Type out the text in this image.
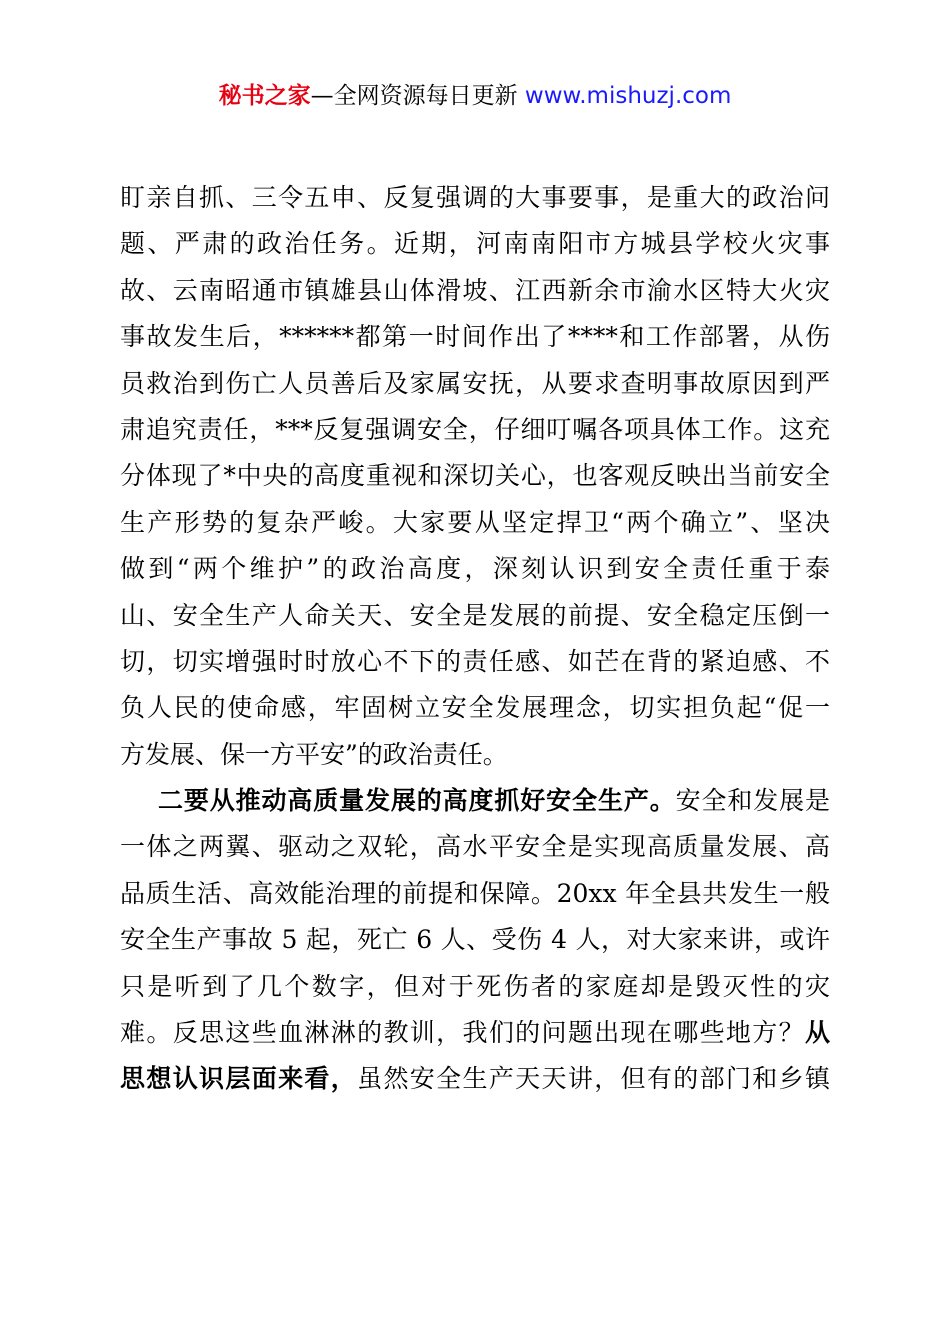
秘书之家—全网资源每日更新 www.mishuzj.com
盯亲自抓、三令五申、反复强调的大事要事，是重大的政治问
题、严肃的政治任务。近期，河南南阳市方城县学校火灾事
故、云南昭通市镇雄县山体滑坡、江西新余市渝水区特大火灾
事故发生后，******都第一时间作出了****和工作部署，从伤
员救治到伤亡人员善后及家属安抚，从要求查明事故原因到严
肃追究责任，***反复强调安全，仔细叮嘱各项具体工作。这充
分体现了*中央的高度重视和深切关心，也客观反映出当前安全
生产形势的复杂严峻。大家要从坚定捍卫“两个确立”、坚决
做到“两个维护”的政治高度，深刻认识到安全责任重于泰
山、安全生产人命关天、安全是发展的前提、安全稳定压倒一
切，切实增强时时放心不下的责任感、如芒在背的紧迫感、不
负人民的使命感，牢固树立安全发展理念，切实担负起“促一
方发展、保一方平安”的政治责任。
二要从推动高质量发展的高度抓好安全生产。安全和发展是
一体之两翼、驱动之双轮，高水平安全是实现高质量发展、高
品质生活、高效能治理的前提和保障。20xx 年全县共发生一般
安全生产事故 5 起，死亡 6 人、受伤 4 人，对大家来讲，或许
只是听到了几个数字，但对于死伤者的家庭却是毁灭性的灾
难。反思这些血淋淋的教训，我们的问题出现在哪些地方？从
思想认识层面来看，虽然安全生产天天讲，但有的部门和乡镇
